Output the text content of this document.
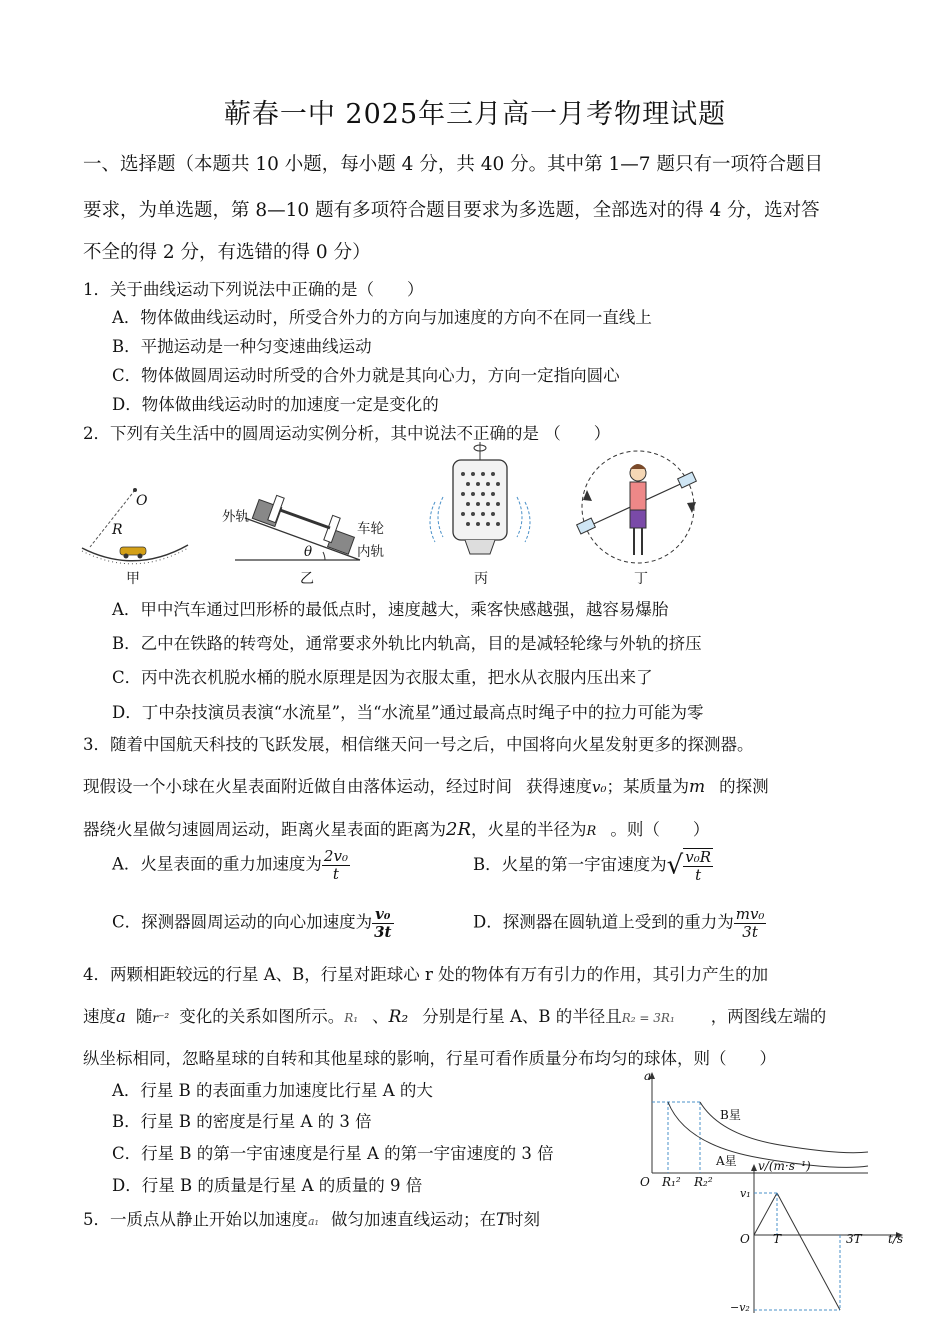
蕲春一中 2025年三月高一月考物理试题
一、选择题（本题共 10 小题，每小题 4 分，共 40 分。其中第 1—7 题只有一项符合题目
要求，为单选题，第 8—10 题有多项符合题目要求为多选题，全部选对的得 4 分，选对答
不全的得 2 分，有选错的得 0 分）
1．关于曲线运动下列说法中正确的是（　　）
A．物体做曲线运动时，所受合外力的方向与加速度的方向不在同一直线上
B．平抛运动是一种匀变速曲线运动
C．物体做圆周运动时所受的合外力就是其向心力，方向一定指向圆心
D．物体做曲线运动时的加速度一定是变化的
2．下列有关生活中的圆周运动实例分析，其中说法不正确的是 （　　）
O
R
甲
外轨
车轮
内轨
θ
乙	丙	丁
A．甲中汽车通过凹形桥的最低点时，速度越大，乘客快感越强，越容易爆胎
B．乙中在铁路的转弯处，通常要求外轨比内轨高，目的是减轻轮缘与外轨的挤压
C．丙中洗衣机脱水桶的脱水原理是因为衣服太重，把水从衣服内压出来了
D．丁中杂技演员表演“水流星”，当“水流星”通过最高点时绳子中的拉力可能为零
3．随着中国航天科技的飞跃发展，相信继天问一号之后，中国将向火星发射更多的探测器。
现假设一个小球在火星表面附近做自由落体运动，经过时间 获得速度v₀；某质量为m 的探测
器绕火星做匀速圆周运动，距离火星表面的距离为2R，火星的半径为R 。则（　　）
A．火星表面的重力加速度为 $\frac{\text{2v₀}}{t}$	B．火星的第一宇宙速度为√ $\frac{\text{v₀R}}{t}$
C．探测器圆周运动的向心加速度为 $\frac{\text{v₀}}{3t}$	D．探测器在圆轨道上受到的重力为 $\frac{\text{mv₀}}{3t}$
4．两颗相距较远的行星 A、B，行星对距球心 r 处的物体有万有引力的作用，其引力产生的加
速度a 随r⁻² 变化的关系如图所示。R₁ 、R₂ 分别是行星 A、B 的半径且R₂ = 3R₁ ，两图线左端的
纵坐标相同，忽略星球的自转和其他星球的影响，行星可看作质量分布均匀的球体，则（　　）
A．行星 B 的表面重力加速度比行星 A 的大
B．行星 B 的密度是行星 A 的 3 倍
C．行星 B 的第一宇宙速度是行星 A 的第一宇宙速度的 3 倍
D．行星 B 的质量是行星 A 的质量的 9 倍
a
O R₁² R₂²
B星
A星
5．一质点从静止开始以加速度a₁ 做匀加速直线运动；在T时刻
v/(m·s⁻¹)
v₁
O T	3T t/s
−v₂
